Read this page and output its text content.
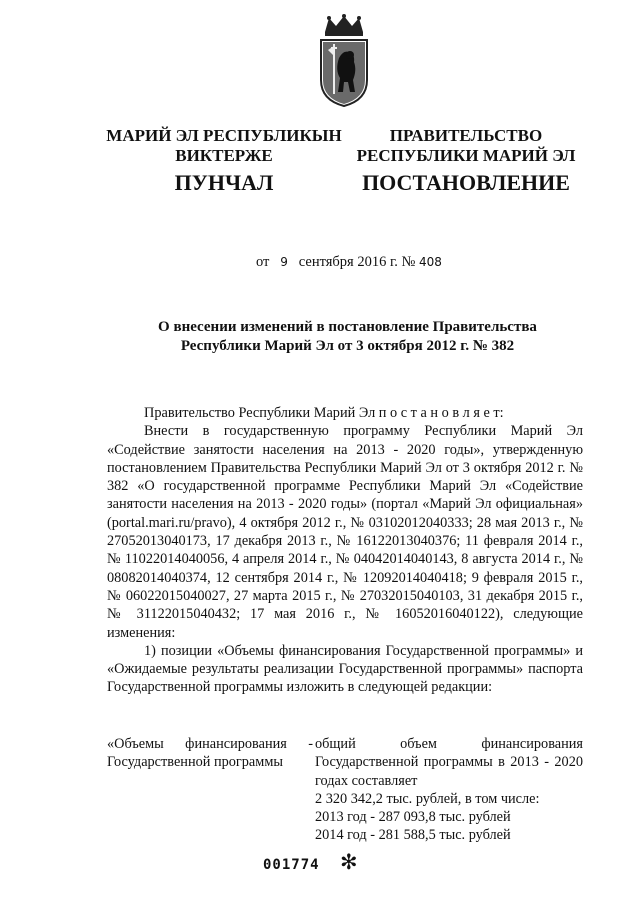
МАРИЙ ЭЛ РЕСПУБЛИКЫН
ВИКТЕРЖЕ
ПУНЧАЛ
ПРАВИТЕЛЬСТВО
РЕСПУБЛИКИ МАРИЙ ЭЛ
ПОСТАНОВЛЕНИЕ
от 9 сентября 2016 г. № 408
О внесении изменений в постановление Правительства
Республики Марий Эл от 3 октября 2012 г. № 382

Правительство Республики Марий Эл п о с т а н о в л я е т:

Внести в государственную программу Республики Марий Эл «Содействие занятости населения на 2013 - 2020 годы», утвержденную постановлением Правительства Республики Марий Эл от 3 октября 2012 г. № 382 «О государственной программе Республики Марий Эл «Содействие занятости населения на 2013 - 2020 годы» (портал «Марий Эл официальная» (portal.mari.ru/pravo), 4 октября 2012 г., № 03102012040333; 28 мая 2013 г., № 27052013040173, 17 декабря 2013 г., № 16122013040376; 11 февраля 2014 г., № 11022014040056, 4 апреля 2014 г., № 04042014040143, 8 августа 2014 г., № 08082014040374, 12 сентября 2014 г., № 12092014040418; 9 февраля 2015 г., № 06022015040027, 27 марта 2015 г., № 27032015040103, 31 декабря 2015 г., № 31122015040432; 17 мая 2016 г., № 16052016040122), следующие изменения:

1) позиции «Объемы финансирования Государственной программы» и «Ожидаемые результаты реализации Государственной программы» паспорта Государственной программы изложить в следующей редакции:

«Объемы финансирования - Государственной программы

общий объем финансирования Государственной программы в 2013 - 2020 годах составляет

2 320 342,2 тыс. рублей, в том числе:

2013 год - 287 093,8 тыс. рублей

2014 год - 281 588,5 тыс. рублей

001774 ✻
